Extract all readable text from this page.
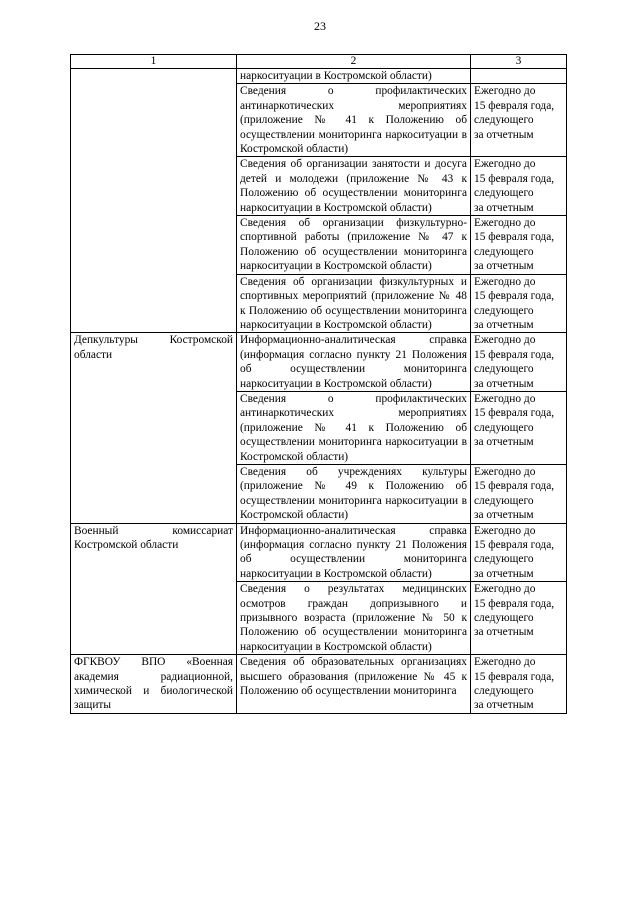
23
1	2	3
	наркоситуации в Костромской области)	
	Сведения о профилактических антинаркотических мероприятиях (приложение № 41 к Положению об осуществлении мониторинга наркоситуации в Костромской области)	Ежегодно до
15 февраля года,
следующего
за отчетным
	Сведения об организации занятости и досуга детей и молодежи (приложение № 43 к Положению об осуществлении мониторинга наркоситуации в Костромской области)	Ежегодно до
15 февраля года,
следующего
за отчетным
	Сведения об организации физкультурно-спортивной работы (приложение № 47 к Положению об осуществлении мониторинга наркоситуации в Костромской области)	Ежегодно до
15 февраля года,
следующего
за отчетным
	Сведения об организации физкультурных и спортивных мероприятий (приложение № 48 к Положению об осуществлении мониторинга наркоситуации в Костромской области)	Ежегодно до
15 февраля года,
следующего
за отчетным
Депкультуры Костромской области	Информационно-аналитическая справка (информация согласно пункту 21 Положения об осуществлении мониторинга наркоситуации в Костромской области)	Ежегодно до
15 февраля года,
следующего
за отчетным
	Сведения о профилактических антинаркотических мероприятиях (приложение № 41 к Положению об осуществлении мониторинга наркоситуации в Костромской области)	Ежегодно до
15 февраля года,
следующего
за отчетным
	Сведения об учреждениях культуры (приложение № 49 к Положению об осуществлении мониторинга наркоситуации в Костромской области)	Ежегодно до
15 февраля года,
следующего
за отчетным
Военный комиссариат Костромской области	Информационно-аналитическая справка (информация согласно пункту 21 Положения об осуществлении мониторинга наркоситуации в Костромской области)	Ежегодно до
15 февраля года,
следующего
за отчетным
	Сведения о результатах медицинских осмотров граждан допризывного и призывного возраста (приложение № 50 к Положению об осуществлении мониторинга наркоситуации в Костромской области)	Ежегодно до
15 февраля года,
следующего
за отчетным
ФГКВОУ ВПО «Военная академия радиационной, химической и биологической защиты	Сведения об образовательных организациях высшего образования (приложение № 45 к Положению об осуществлении мониторинга	Ежегодно до
15 февраля года,
следующего
за отчетным
